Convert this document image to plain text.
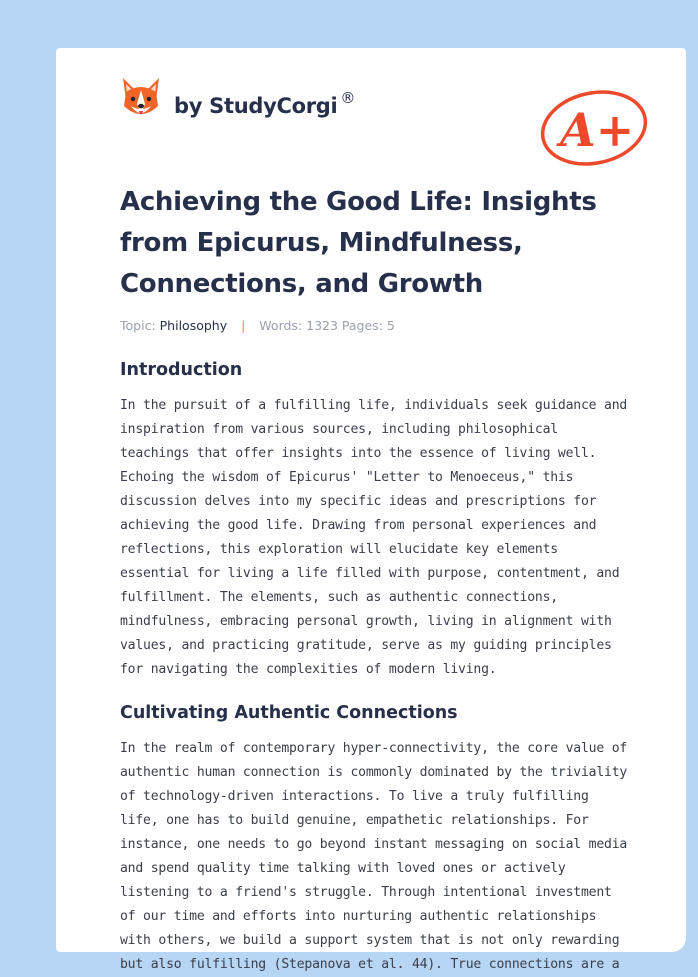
by StudyCorgi ®
A+
Achieving the Good Life: Insights from Epicurus, Mindfulness, Connections, and Growth
Topic: Philosophy | Words: 1323 Pages: 5
Introduction

In the pursuit of a fulfilling life, individuals seek guidance and inspiration from various sources, including philosophical teachings that offer insights into the essence of living well. Echoing the wisdom of Epicurus' "Letter to Menoeceus," this discussion delves into my specific ideas and prescriptions for achieving the good life. Drawing from personal experiences and reflections, this exploration will elucidate key elements essential for living a life filled with purpose, contentment, and fulfillment. The elements, such as authentic connections, mindfulness, embracing personal growth, living in alignment with values, and practicing gratitude, serve as my guiding principles for navigating the complexities of modern living.

Cultivating Authentic Connections

In the realm of contemporary hyper-connectivity, the core value of authentic human connection is commonly dominated by the triviality of technology-driven interactions. To live a truly fulfilling life, one has to build genuine, empathetic relationships. For instance, one needs to go beyond instant messaging on social media and spend quality time talking with loved ones or actively listening to a friend's struggle. Through intentional investment of our time and efforts into nurturing authentic relationships with others, we build a support system that is not only rewarding but also fulfilling (Stepanova et al. 44). True connections are a
